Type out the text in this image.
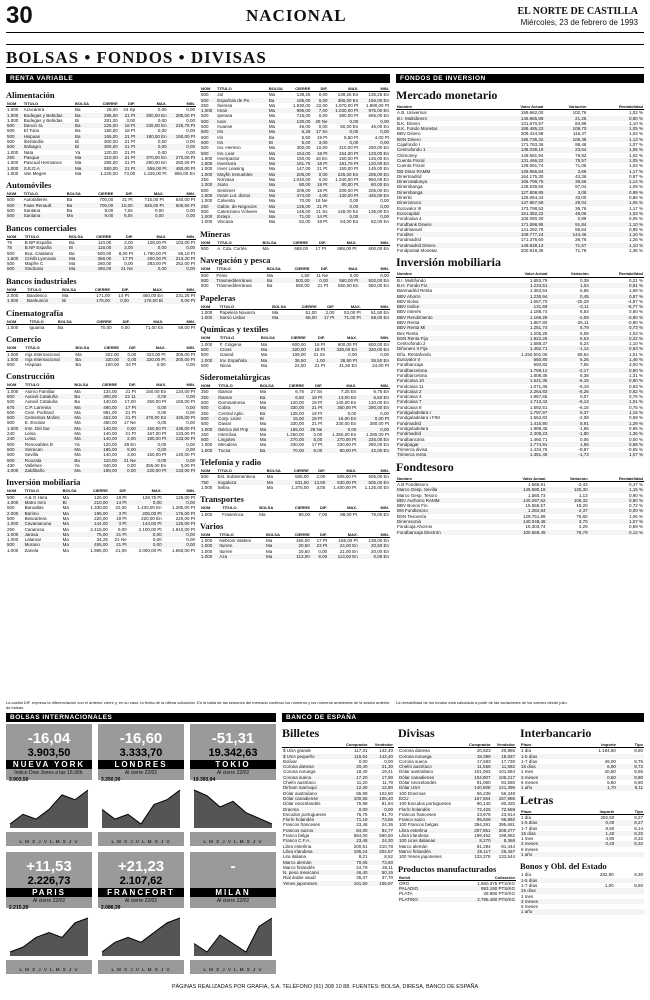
30	NACIONAL	EL NORTE DE CASTILLA
Miércoles, 23 de febrero de 1993
BOLSAS • FONDOS • DIVISAS
RENTA VARIABLE	FONDOS DE INVERSION
Alimentación
NOM	TITULO	BOLSA	CIERRE	DIF.	MAX.	MIN.
1.000	Azucarera	Ba	28,00	24 Sp	0,00	0,00
1.000	Bodegas y Bebidas	Ba	295,00	21 Pt	300,00 En	285,00 Pt
1.000	Bodegas y Bebidas	Bi	281,00	3,00	0,00	0,00
500	Danon 4L	Ba	225,00	18 Pt	225,00 En	226,75 Pt
500	El Tuna	Ba	180,00	18 Pt	0,00	0,00
500	Hispaas	Ba	155,00	21 Pt	180,00 En	150,00 Pt
500	Iberlandia	Bi	300,00	21 Pt	0,00	0,00
500	Italsagro	Bi	300,00	21 Pt	0,00	0,00
1.000	Nata	Ya	120,00	21 Pt	0,00	0,00
250	Pasqua	Ma	310,00	21 Pt	370,00 En	270,00 Pt
1.000	Pascual Hermanos	Ma	285,00	21 Pt	290,00 En	260,00 Pt
1.000	S.E.D.A	Ma	550,00	21 Pt	555,00 Pt	480,00 Pt
1.000	Van Megen	Ma	1.225,00	73,00	1.225,00 Pt	960,00 En
Automóviles
NOM	TITULO	BOLSA	CIERRE	DIF.	MAX.	MIN.
500	Autotalleres	Ba	700,00	21 Pt	715,00 Pt	640,00 Pt
500	Faws Renault	Ba	700,00	10,00	825,00 Pt	500,00 Pt
500	Santana	Ba	9,00	7,0s	0,00	0,00
500	Santana	Ma	9,00	6,0s	0,00	0,00
Bancos comerciales
NOM	TITULO	BOLSA	CIERRE	DIF.	MAX.	MIN.
75	B.NP España	Ba	110,00	2,00	128,00 Pt	103,00 Pt
75	B.NP España	Bi	118,00	3,00	0,00	0,00
500	Bca. Catalana	Ba	500,00	8,00 Pt	1.760,00 Pt	86,10 Pt
1.500	Crédit Lyonnais	Ma	368,00	17 Pt	400,00 Pt	213,20 Pt
500	Mapfre C	Ma	260,00	0,00	283,00 Pt	252,00 Pt
500	Sindicato	Ma	490,00	21 Ne	0,00	0,00
Bancos industriales
NOM	TITULO	BOLSA	CIERRE	DIF.	MAX.	MIN.
2.000	Bandesco	Ma	171,00	14 Pt	460,00 En	231,25 Pt
1.000	Bankunión	Bi	176,00	0,00	176,00 Bi	0,00 Pt
Cinematografía
NOM	TITULO	BOLSA	CIERRE	DIF.	MAX.	MIN.
1.000	Iguama	Ba	70,00	0,00	71,00 En	69,00 Pt
Comercio
NOM	TITULO	BOLSA	CIERRE	DIF.	MAX.	MIN.
1.000	Inja Internacional	Ma	322,00	0,00	322,00 Pt	305,00 Pt
1.000	Inja Internacional	Ba	320,00	0,00	320,00 Pt	300,00 Pt
500	Hispaas	Ba	100,00	24 Pt	0,00	0,00
Construcción
NOM	TITULO	BOLSA	CIERRE	DIF.	MAX.	MIN.
1.000	Asinro Familiar	Ma	134,00	21 Pt	150,00 En	134,00 Pt
500	Autovil Cataluña	Ba	300,00	22 11	0,00	0,00
500	Autovil Cataluña	Ba	140,00	17,00	250,00 Pt	165,00 Pt
675	C.P. Larreina	Ma	490,00	17 Pt	0,00	0,00
500	Cem. Portland	Ma	981,00	21 Pt	0,00	0,00
500	Cementos Molins	Ma	462,00	21 Pt	470,00 En	425,00 Pt
500	E. Escisar	Ma	450,00	17 Ne	0,00	0,00
1.000	Inm. Del Sur	Ma	140,00	0,00	160,00 Pt	435,00 Pt
240	Leisa	Ma	140,00	21 Pt	167,00 Pt	133,00 Pt
240	Leisa	Ma	140,00	2,00	180,00 Pt	133,00 Pt
500	Renovables B	Ya	120,00	28 En	0,00	0,00
500	Sinrecan	Ma	185,00	9,00	0,00	0,00
500	Sevilla	Ma	140,00	3,00	160,00 Pt	140,00 Pt
500	Rouzala	Ba	110,00	21 Ne	0,00	0,00
430	Vallehes	Ya	340,00	0,00	355,00 En	0,00 Pt
1.000	Zaldibaño	Ma	198,00	0,00	220,00 Pt	133,00 Pt
Inversión mobiliaria
NOM	TITULO	BOLSA	CIERRE	DIF.	MAX.	MIN.
500	A & G Hera	Ma	125,00	18 Pt	129,75 Pt	126,00 Pt
1.000	Matro Inmi	Bi	210,00	14 Pt	0,00	0,00
500	Baruatlas	Ma	1.330,00	22,00	1.430,00 En	1.285,00 Pt
2.000	Barimo	Ma	195,00	3 Pt	205,00 Pt	175,00 Pt
500	Beacartera	Ma	220,00	18 Pt	220,00 En	220,00 Pt
1.000	Cavamacuna	Ma	144,00	3 Pt	144,00 Pt	125,00 Pt
250	Canarusa	Ma	2.415,00	0,00	2.100,00 Pt	1.910,00 Pt
1.000	Jarasa	Ma	75,00	21 Pt	0,00	0,00
1.000	Latamar	Ma	34,25	21 Ne	0,00	0,00
500	Murano	Ma	455,00	21 Pt	0,00	0,00
1.000	Zanela	Ma	1.985,00	21,00	2.000,00 Pt	1.650,00 Pt
NOM	TITULO	BOLSA	CIERRE	DIF.	MAX.	MIN.
500	Jal	Ma	138,25	0,00	139,25 En	135,25 En
500	Española de Pe.	Ba	185,00	0,00	380,00 En	156,00 En
250	Iberesa	Ma	1.930,00	22,00	1.970,00 Pt	1.890,00 Pt
1.000	Iman	Ma	995,00	7,00	1.030,00 Pt	975,00 En
500	Iperasa	Ma	715,00	0,00	380,00 Pt	655,00 En
500	Iusa	Ma	130,00	28 Ne	0,00	0,00
500	Iruanse	Ma	46,00	0,00	50,00 En	46,00 En
600	Iris	Ma	6,25	17 Ss	0,00	0,00
600	Iris	Ba	5,50	19 Pt	5,50 Pt	4,00 Pt
600	Iris	Bi	5,00	3,00	0,00	0,00
500	Inv. Herrero	Ma	300,00	10,00	310,00 Pt	290,00 En
500	Inv. Lear	Ma	154,00	18 Pt	154,00 Pt	133,00 En
1.000	Inverpastor	Ma	150,00	18 En	150,00 Pt	145,00 En
1.000	Inversora	Ma	181,75	18 Pt	181,75 Pt	120,00 En
1.000	Inver Leasing	Ma	147,00	21 Pt	150,00 Pt	145,00 En
1.000	Mayfin Inmuebles	Ma	205,00	0,00	225,00 En	205,00 En
250	Norvasa	Ma	1.040,00	0,00	1.040,00 Pt	960,00 En
1.000	Jsoto	Ma	80,00	18 Pt	80,00 Pt	80,00 En
500	Sentimer	Ma	209,00	18 Pt	209,00 Pt	205,00 En
1.000	Imam Lut. dictos	Ma	474,00	4,00	130,00 Pt	426,00 En
1.000	Calvesta	Ma	70,00	18 Ne	0,00	0,00
250	Gabin. de Negocios	Ma	125,00	21 Pt	0,00	0,00
500	Catenziano Vólvees	Ma	148,00	21 Ss	148,00 En	135,00 En
1.000	Estepi	Ma	71,00	14 Pt	0,00	0,00
1.000	Viscasa	Ma	52,00	18 Pt	54,00 En	52,00 En
Mineras
NOM	TITULO	BOLSA	CIERRE	DIF.	MAX.	MIN.
500	A. Cda. Cortés	Ma	688,00	17 Pt	688,00 Pt	600,00 En
Navegación y pesca
NOM	TITULO	BOLSA	CIERRE	DIF.	MAX.	MIN.
500	Fenix	Ma	1,50	11 Ne	0,00	0,00
500	Trasmediterránea	Ba	502,00	0,00	560,00 Pt	502,00 En
500	Trasmediterránea	Ba	550,00	21 Pt	550,00 En	550,00 En
Papeleras
NOM	TITULO	BOLSA	CIERRE	DIF.	MAX.	MIN.
1.000	Papelera Navarra	Ma	51,00	2,00	53,00 Pt	51,50 En
1.000	Sarrió Lisbar	Ma	68,00	17 Pt	71,00 Pt	68,00 En
Químicas y textiles
NOM	TITULO	BOLSA	CIERRE	DIF.	MAX.	MIN.
1.000	F. Colgena	Ma	600,00	16 Pt	600,00 Pt	600,00 En
500	Cross	Ma	320,00	18 Pt	330,00 En	320,00 En
500	Ganed	Ma	109,00	21 Ss	0,00	0,00
1.000	Inv. Española	Ma	36,50	1,00	36,50 Pt	36,50 En
500	Nicas	Ma	24,00	21 Pt	31,50 En	24,00 Pt
Siderometalúrgicas
NOM	TITULO	BOLSA	CIERRE	DIF.	MAX.	MIN.
250	Ibamar	Ma	6,75	27 Ss	7,25 En	6,75 En
250	Ibamar	Ba	6,50	18 Pt	13,00 En	6,50 En
500	Dominatronia	Ma	120,00	18 Pt	140,00 En	120,00 En
500	Cobra	Ma	330,00	21 Pt	360,00 Pt	280,00 En
250	Central Aplic.	Ba	135,00	19 Pt	0,00	0,00
500	Corp. Ucier	Bi	15,00	18 Pt	16,00 En	0,00 Pt
500	Daviar	Ma	330,00	21 Pt	330,00 En	280,00 Pt
1.000	Ibérica del Prip	Ma	185,00	28 Ne	0,00	0,00
250	Interclisa	Ma	1.250,00	0,00	1.350,00 En	1.280,00 Pt
500	Lingotes	Ma	270,00	5,00	270,00 Pt	225,00 En
1.000	Mecalera	Ma	330,00	17 Pt	330,00 Pt	280,00 En
1.000	Tucsa	Ba	70,00	6,00	80,00 Pt	42,00 En
Telefonía y radio
NOM	TITULO	BOLSA	CIERRE	DIF.	MAX.	MIN.
500	Est. Sublementeca	Ma	505,00	2,00	505,00 Pt	505,00 En
750	Sogaluza	Ma	531,50	13,50	530,00 Pt	505,00 En
1.000	Sebra	Ma	1.375,00	3,00	1.400,00 Pt	1.125,00 En
Transportes
NOM	TITULO	BOLSA	CIERRE	DIF.	MAX.	MIN.
1.000	Fraserinca	Ma	85,00	7,00	88,00 Pt	78,00 En
Varios
NOM	TITULO	BOLSA	CIERRE	DIF.	MAX.	MIN.
1.000	Nebroin Valdeni	Ma	165,00	17 Pt	165,00 Pt	138,00 En
1.000	Iturren	Ma	20,50	23 Pt	24,00 En	20,50 En
1.000	Iturren	Ma	20,50	0,00	21,00 En	20,00 En
1.000	Aza	Ma	113,00	9,00	113,00 En	0,00 En
La casilla DIF. expresa la diferenciación con el anterior cierre y, en su caso, la fecha de la última cotización. En la tabla de las sesiones del mercado continuo los números y los números ambientes de la sesión anterior de bolsas.
Mercado monetario
Nombre	Valor Actual	Variación	Rentabilidad
A.B. Universus	159.662,00	102,76	1,02 %
B.I. Multidinero	145.865,89	21,26	0,80 %
B.K. Dinero	131.670,57	84,98	1,10 %
B.K. Fondo Monetar.	188.485,23	109,70	1,05 %
BBV Dinero	209.424,58	116,47	1,04 %
BSN Dinero	195.735,32	105,38	1,13 %
Cajafondo I	171.763,36	98,48	1,07 %
Centrofondo 1	138.038,19	23,64	1,05 %
Citimoney	148.681,94	79,92	1,02 %
Cuenta Fiscal	131.466,22	75,57	1,05 %
Cuenta Fiscal	128.061,74	71,05	1,04 %
DB Dinar RAMM	139.966,84	3,66	1,17 %
Dinermadrid	164.175,30	43,36	0,97 %
Dinercatalunya	166.799,75	36,66	1,14 %
Dinersbanga	128.539,50	97,04	1,09 %
Dinersbanga	127.808,85	3,08	0,99 %
Dinertic	125.064,44	33,00	0,86 %
Dinerzaruco	147.867,59	29,04	1,06 %
Eurovalor III	173.798,53	36,76	1,17 %
Eurocapital	151.382,22	48,06	1,03 %
Fondcaixa 4	106.080,30	0,88	0,06 %
Fondbank Dinero	171.598,95	91,84	1,10 %
Fondmanuel	141.262,76	55,64	0,95 %
Fonditer	108.777,24	144,46	1,10 %
Fondmadrid	171.376,60	26,76	1,26 %
Fondmadrid Dinero	149.839,13	71,57	1,10 %
Fondpostal Monetar.	200.818,35	71,78	1,36 %
Inversión mobiliaria
Nombre	Valor Actual	Variación	Rentabilidad
B.I. Multifondo	1.653,79	0,39	0,21 %
B.H. Fondo Fiv.	1.234,51	1,04	0,81 %
Banmadrid Renta	1.363,54	5,66	1,58 %
BBV Ahorro	1.235,94	0,45	0,87 %
BBV Bolsa	1.567,70	-25,29	-4,87 %
BBV Indice	131,69	-2,11	-6,77 %
BBV Interés	1.188,74	6,54	0,60 %
BBV Rendimiento	1.169,29	-2,08	-3,90 %
BBV Renta	1.867,80	-26,11	-0,80 %
BBV Renta Mi	1.251,74	5,79	0,73 %
Bex Renta	1.205,25	5,08	1,03 %
BSN Renta Fija	1.922,26	5,63	0,22 %
Centrofondo 2	1.588,37	5,24	1,10 %
Diñonero II Fija	1.482,71	-1,14	0,63 %
Dño. Rentafondo	1.250.501,05	69,64	1,01 %
Eurovalor II	650,80	5,26	1,46 %
Fondbancaja	593,82	7,56	3,00 %
Fondbarcelona	1.759,12	-2,17	0,90 %
Fondbarcelona	1.808,35	5,38	1,31 %
Fondcaixa 10	1.621,35	-6,15	0,80 %
Fondcaixa 11	1.071,36	-5,19	0,83 %
Fondcaixa 2	2.264,83	-6,26	0,82 %
Fondcaixa 4	1.967,65	0,07	0,76 %
Fondcaixa 7	1.713,42	-6,13	1,01 %
Fondcaixa 8	1.592,51	-6,16	0,75 %
Fondguladelara I	1.797,97	8,37	1,15 %
Fondguladelara I FIM	1.562,82	-2,08	0,69 %
Fondmadrid	1.415,90	8,91	1,29 %
Fondguladelara	1.988,45	-1,66	0,96 %
Fondmadrid	2.308,23	-1,80	1,36 %
Fondbancaria	1.460,71	0,06	0,00 %
Fondpagar	1.774,91	1,56	0,88 %
Trimerca divisa	1.434,76	-8,87	-0,65 %
Trimerca renta	1.351,49	-1,73	1,07 %
Fondtesoro
Nombre	Valor Actual	Variación	Rentabilidad
A.B Fondtesoro	1.565,61	-2,43	0,47 %
Marco Gesp. Sevilla	145.580,19	125,30	1,15 %
Marco Gesp. Tesoro	1.560,73	1,13	0,90 %
BBV Aurhorro RAMM	140.297,62	106,32	0,90 %
BBV Bonos Fin.	15.555,57	18,20	0,72 %
BM Fondtesoro	1.284,84	-2,37	0,00 %
BSN Tesorería	129.751,99	75,60	1,06 %
Dinerosonia	140.048,48	3,70	1,07 %
Fondcaja Ahorros	15.303,74	3,29	0,59 %
Fondbancaja Electrón	100.659,49	76,79	0,12 %
La rentabilidad de los fondos está calculada a partir de las variaciones de los valores desde julio.
BOLSAS INTERNACIONALES	BANCO DE ESPAÑA
-16,04
3.903,50
NUEVA YORK
Índice Dow Jones a las 16:30h.
3.903,50
L M X J V L M X J V
-16,60
3.333,70
LONDRES
Al cierre 22/02
3.350,30
L M X J V L M X J V
-51,31
19.342,63
TOKIO
Al cierre 22/02
19.393,94
L M X J V L M X J V
+11,53
2.226,73
PARIS
Al cierre 22/02
2.215,20
L M X J V L M X J V
+21,23
2.107,62
FRANCFORT
Al cierre 22/02
2.086,39
L M X J V L M X J V
-
MILAN
Al cierre 22/02
L M X J V L M X J V
Billetes
	Comprador	Vendedor
$ USA grande	117,31	142,40
$ USA pequeño	115,64	142,40
Bolívar	0,00	0,00
Corona danesa	20,40	21,30
Corona noruega	18,40	19,41
Corona sueca	17,20	17,90
Chelín austríaco	11,20	11,79
Dirham marroquí	12,30	12,80
Dólar australiano	86,99	102,80
Dólar canadiense	100,55	106,40
Dólar neozelandés	76,98	81,94
Dracma	0,00	0,00
Escudos portugueses	76,75	81,70
Florín holandés	71,19	73,66
Francos franceses	23,48	24,36
Francos suizos	84,00	84,77
Franco belga	584,00	580,50
Franco C.F.A.	23,48	24,30
Libra esterlina	200,51	210,78
Libra irlandesa	195,24	202,67
Lira italiana	8,21	8,52
Marco alemán	70,05	73,60
Marco finlandés	24,79	26,11
N. peso mexicano	46,40	50,15
Rial árabe saudí	35,37	37,70
Yenes japoneses	101,50	106,97
Divisas
	Comprador	Vendedor
Corona danesa	20,823	20,885
Corona noruega	18,399	18,837
Corona sueca	17,593	17,730
Chelín austríaco	11,558	11,582
Dólar australiano	101,063	101,584
Dólar canadiense	104,807	105,217
Dólar neozelandés	81,060	81,550
Dólar USA	140,808	141,396
100 Dracmas	56,236	56,348
ECU	157,564	157,866
100 Escudos portugueses	80,140	80,320
Florín holandés	72,425	72,569
Francos franceses	23,978	23,914
Franco suizo	95,828	95,992
100 Francos belgas	394,291	395,681
Libra esterlina	207,851	208,277
Libra irlandesa	199,452	199,892
100 Liras italianas	8,270	8,368
Marco alemán	81,284	81,444
Marco finlandés	25,117	25,467
100 Yenes japoneses	133,378	133,544
Productos manufacturados
Bolsit	Cotización
ORO	1.860.375 PTS/KG
PALADIO	993.190 PTS/KG
PLATA	28.890 PTS/KG
PLATINO	2.785.480 PTS/KG
Interbancario
Plazo	Importe	Tipo
1 día	1.194,50	8,80
1-5 días		
1-7 días	49,00	8,75
15 días	6,90	8,72
1 mes	20,60	8,56
3 meses	0,50	8,80
6 meses	5,50	8,60
1 año	1,70	8,11
Letras
Plazo	Importe	Tipo
1 día	282,50	8,27
1-5 días	0,00	8,27
1-7 días	8,50	8,14
15 días	1,40	8,20
1 mes	4,90	8,32
3 meses	0,40	8,32
6 meses		
1 año		
Bonos y Obl. del Estado
1 día	282,90	8,30
1-5 días		
1-7 días	1,00	8,60
15 días		
1 mes		
3 meses		
6 meses		
1 año		
PÁGINAS REALIZADAS POR GRAFIA, S.A. TELÉFONO (91) 308 10 88. FUENTES: BOLSA, DIRESA, BANCO DE ESPAÑA
